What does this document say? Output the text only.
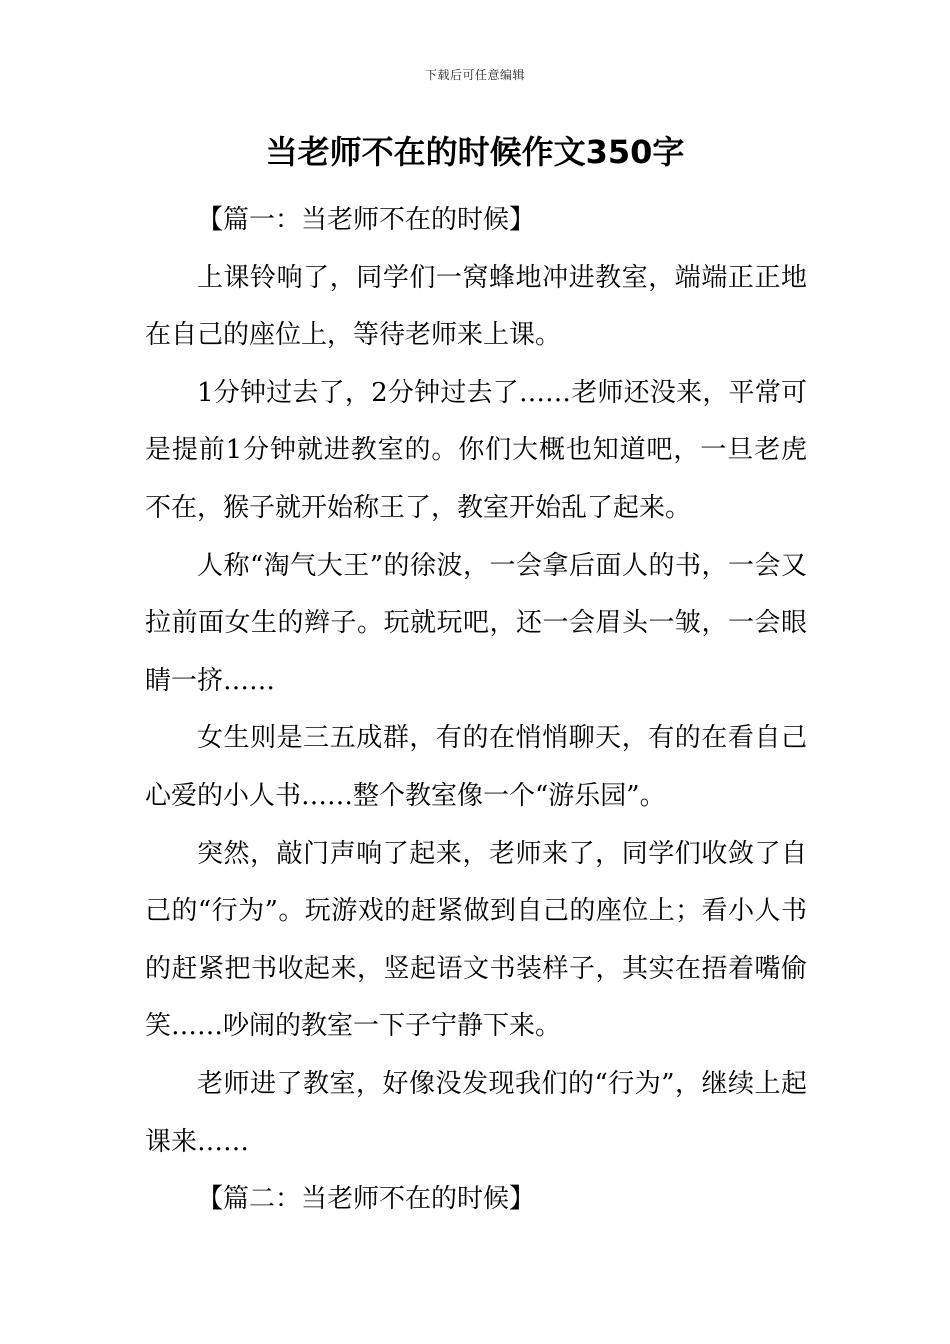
下载后可任意编辑
当老师不在的时候作文350字

【篇一：当老师不在的时候】

上课铃响了，同学们一窝蜂地冲进教室，端端正正地在自己的座位上，等待老师来上课。

1分钟过去了，2分钟过去了……老师还没来，平常可是提前1分钟就进教室的。你们大概也知道吧，一旦老虎不在，猴子就开始称王了，教室开始乱了起来。

人称“淘气大王”的徐波，一会拿后面人的书，一会又拉前面女生的辫子。玩就玩吧，还一会眉头一皱，一会眼睛一挤……

女生则是三五成群，有的在悄悄聊天，有的在看自己心爱的小人书……整个教室像一个“游乐园”。

突然，敲门声响了起来，老师来了，同学们收敛了自己的“行为”。玩游戏的赶紧做到自己的座位上；看小人书的赶紧把书收起来，竖起语文书装样子，其实在捂着嘴偷笑……吵闹的教室一下子宁静下来。

老师进了教室，好像没发现我们的“行为”，继续上起课来……

【篇二：当老师不在的时候】
